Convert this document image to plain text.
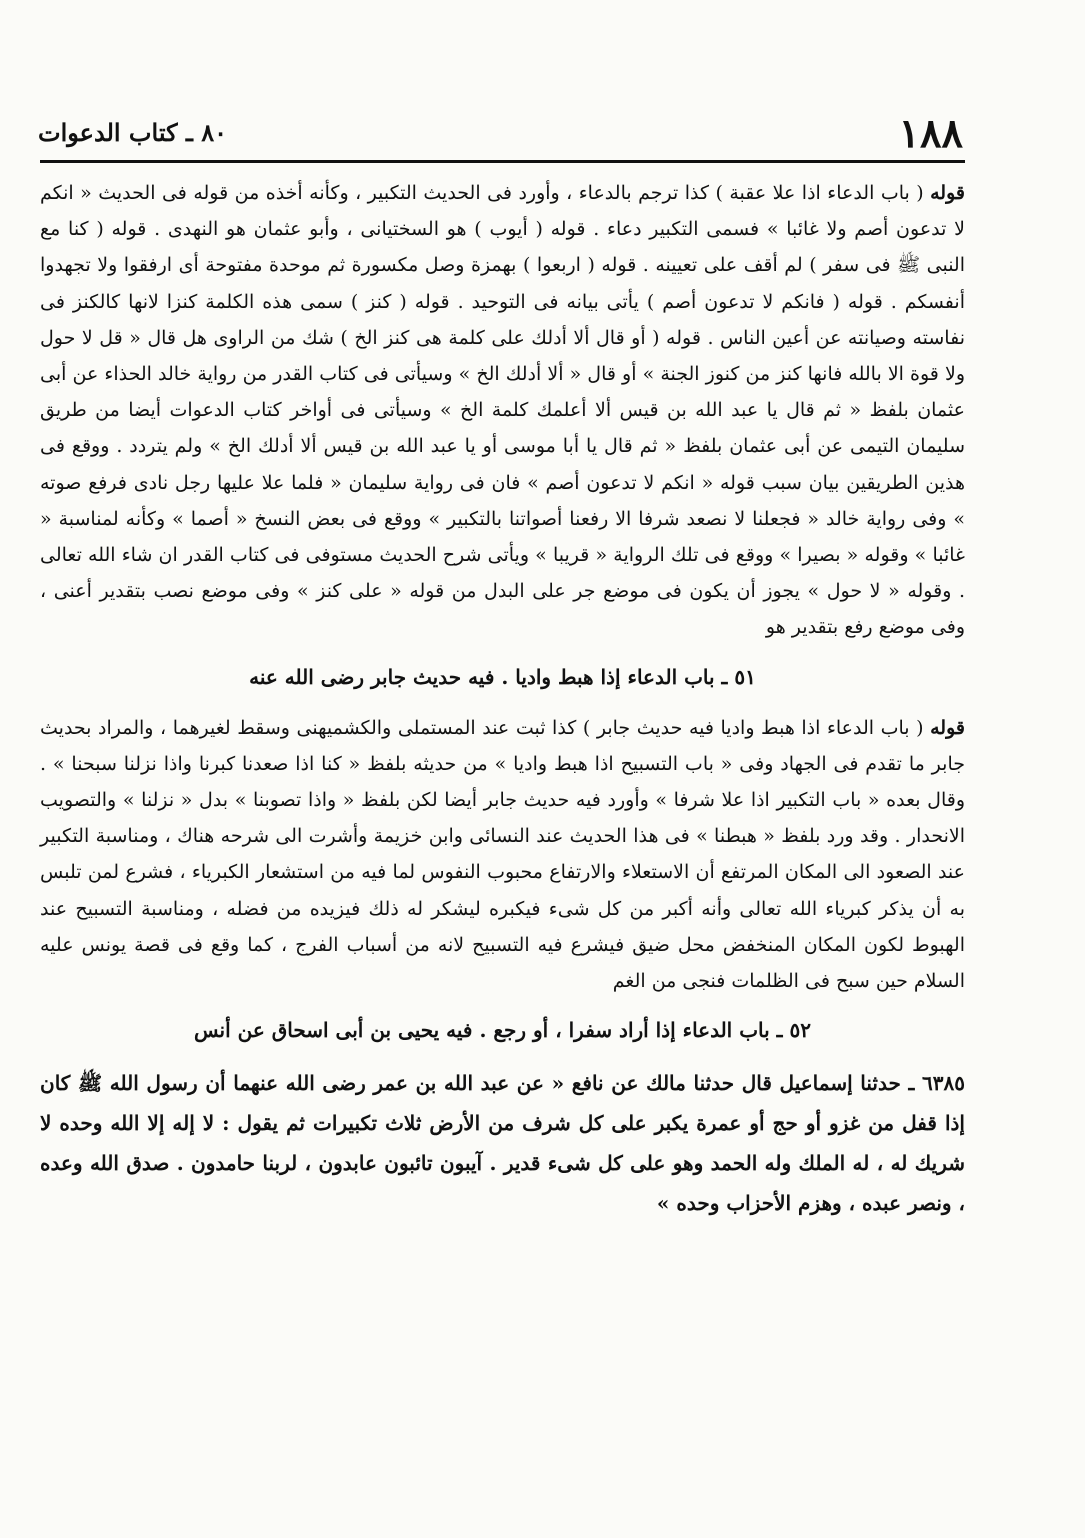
١٨٨
٨٠ ـ كتاب الدعوات

قوله ( باب الدعاء اذا علا عقبة ) كذا ترجم بالدعاء ، وأورد فى الحديث التكبير ، وكأنه أخذه من قوله فى الحديث « انكم لا تدعون أصم ولا غائبا » فسمى التكبير دعاء . قوله ( أيوب ) هو السختيانى ، وأبو عثمان هو النهدى . قوله ( كنا مع النبى ﷺ فى سفر ) لم أقف على تعيينه . قوله ( اربعوا ) بهمزة وصل مكسورة ثم موحدة مفتوحة أى ارفقوا ولا تجهدوا أنفسكم . قوله ( فانكم لا تدعون أصم ) يأتى بيانه فى التوحيد . قوله ( كنز ) سمى هذه الكلمة كنزا لانها كالكنز فى نفاسته وصيانته عن أعين الناس . قوله ( أو قال ألا أدلك على كلمة هى كنز الخ ) شك من الراوى هل قال « قل لا حول ولا قوة الا بالله فانها كنز من كنوز الجنة » أو قال « ألا أدلك الخ » وسيأتى فى كتاب القدر من رواية خالد الحذاء عن أبى عثمان بلفظ « ثم قال يا عبد الله بن قيس ألا أعلمك كلمة الخ » وسيأتى فى أواخر كتاب الدعوات أيضا من طريق سليمان التيمى عن أبى عثمان بلفظ « ثم قال يا أبا موسى أو يا عبد الله بن قيس ألا أدلك الخ » ولم يتردد . ووقع فى هذين الطريقين بيان سبب قوله « انكم لا تدعون أصم » فان فى رواية سليمان « فلما علا عليها رجل نادى فرفع صوته » وفى رواية خالد « فجعلنا لا نصعد شرفا الا رفعنا أصواتنا بالتكبير » ووقع فى بعض النسخ « أصما » وكأنه لمناسبة « غائبا » وقوله « بصيرا » ووقع فى تلك الرواية « قريبا » ويأتى شرح الحديث مستوفى فى كتاب القدر ان شاء الله تعالى . وقوله « لا حول » يجوز أن يكون فى موضع جر على البدل من قوله « على كنز » وفى موضع نصب بتقدير أعنى ، وفى موضع رفع بتقدير هو

٥١ ـ باب الدعاء إذا هبط واديا . فيه حديث جابر رضى الله عنه

قوله ( باب الدعاء اذا هبط واديا فيه حديث جابر ) كذا ثبت عند المستملى والكشميهنى وسقط لغيرهما ، والمراد بحديث جابر ما تقدم فى الجهاد وفى « باب التسبيح اذا هبط واديا » من حديثه بلفظ « كنا اذا صعدنا كبرنا واذا نزلنا سبحنا » . وقال بعده « باب التكبير اذا علا شرفا » وأورد فيه حديث جابر أيضا لكن بلفظ « واذا تصوبنا » بدل « نزلنا » والتصويب الانحدار . وقد ورد بلفظ « هبطنا » فى هذا الحديث عند النسائى وابن خزيمة وأشرت الى شرحه هناك ، ومناسبة التكبير عند الصعود الى المكان المرتفع أن الاستعلاء والارتفاع محبوب النفوس لما فيه من استشعار الكبرياء ، فشرع لمن تلبس به أن يذكر كبرياء الله تعالى وأنه أكبر من كل شىء فيكبره ليشكر له ذلك فيزيده من فضله ، ومناسبة التسبيح عند الهبوط لكون المكان المنخفض محل ضيق فيشرع فيه التسبيح لانه من أسباب الفرج ، كما وقع فى قصة يونس عليه السلام حين سبح فى الظلمات فنجى من الغم

٥٢ ـ باب الدعاء إذا أراد سفرا ، أو رجع . فيه يحيى بن أبى اسحاق عن أنس

٦٣٨٥ ـ حدثنا إسماعيل قال حدثنا مالك عن نافع « عن عبد الله بن عمر رضى الله عنهما أن رسول الله ﷺ كان إذا قفل من غزو أو حج أو عمرة يكبر على كل شرف من الأرض ثلاث تكبيرات ثم يقول : لا إله إلا الله وحده لا شريك له ، له الملك وله الحمد وهو على كل شىء قدير . آيبون تائبون عابدون ، لربنا حامدون . صدق الله وعده ، ونصر عبده ، وهزم الأحزاب وحده »
